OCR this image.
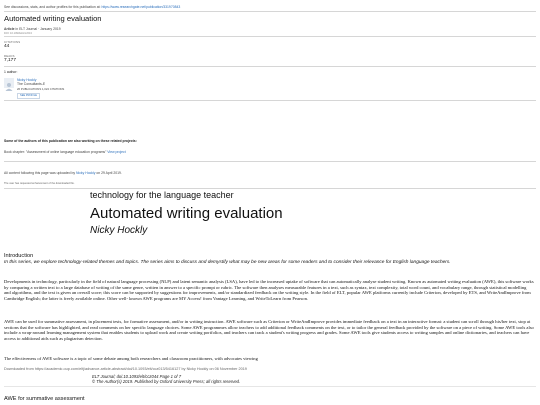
See discussions, stats, and author profiles for this publication at: https://www.researchgate.net/publication/331970843
Automated writing evaluation
Article in ELT Journal · January 2019
DOI: 10.1093/elt/ccz013
CITATIONS
44
READS
7,177
1 author:
Nicky Hockly
The Consultants-E
26 PUBLICATIONS 1,024 CITATIONS
SEE PROFILE
Some of the authors of this publication are also working on these related projects:
Book chapter: "Assessment of online language education programs" View project
All content following this page was uploaded by Nicky Hockly on 29 April 2019.
The user has requested enhancement of the downloaded file.
technology for the language teacher
Automated writing evaluation
Nicky Hockly
Introduction
In this series, we explore technology-related themes and topics. The series aims to discuss and demystify what may be new areas for some readers and to consider their relevance for English language teachers.
Developments in technology, particularly in the field of natural language processing (NLP) and latent semantic analysis (LSA), have led to the increased uptake of software that can automatically analyse student writing. Known as automated writing evaluation (AWE), this software works by comparing a written text to a large database of writing of the same genre, written in answer to a specific prompt or rubric. The software then analyses measurable features in a text, such as syntax, text complexity, total word count, and vocabulary range, through statistical modelling and algorithms, and the text is given an overall score; this score can be supported by suggestions for improvements, and/or standardized feedback on the writing style. In the field of ELT, popular AWE platforms currently include Criterion, developed by ETS, and WriteAndImprove from Cambridge English; the latter is freely available online. Other well- known AWE programs are MY Access! from Vantage Learning, and WriteToLearn from Pearson.
AWE can be used for summative assessment, in placement tests, for formative assessment, and/or in writing instruction. AWE software such as Criterion or WriteAndImprove provides immediate feedback on a text in an interactive format: a student can scroll through his/her text, stop at sections that the software has highlighted, and read comments on her specific language choices. Some AWE programmes allow teachers to add additional feedback comments on the text, or to tailor the general feedback provided by the software on a piece of writing. Some AWE tools also include a wrap-around learning management system that enables students to upload work and create writing portfolios, and teachers can track a student's writing progress and grades. Some AWE tools give students access to writing samples and online dictionaries, and teachers can have access to additional aids such as plagiarism detection.
The effectiveness of AWE software is a topic of some debate among both researchers and classroom practitioners, with advocates viewing
Downloaded from https://academic.oup.com/eltj/advance-article-abstract/doi/10.1093/elt/ccz013/5416127 by Nicky Hockly on 06 November 2019
ELT Journal; doi:10.1093/elt/ccz044 Page 1 of 7
© The Author(s) 2019. Published by Oxford University Press; all rights reserved.
AWE for summative assessment
